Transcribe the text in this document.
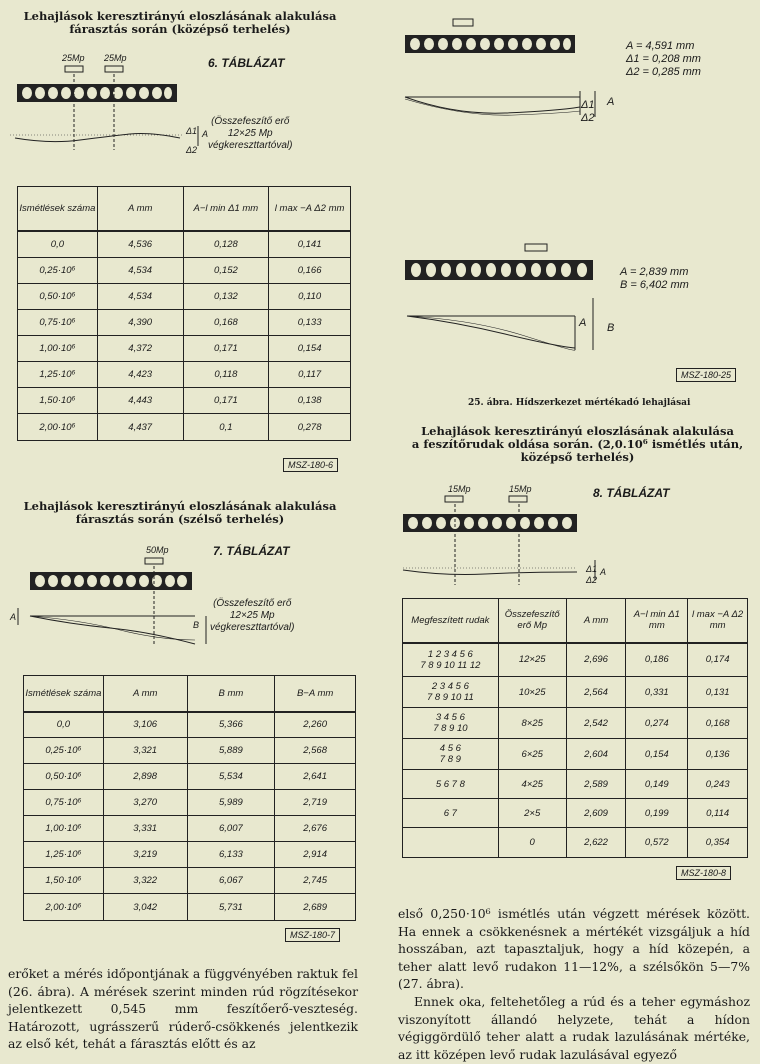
Lehajlások keresztirányú eloszlásának alakulása
fárasztás során (középső terhelés)
25Mp 25Mp	6. TÁBLÁZAT
A
Δ1
Δ2
(Összefeszítő erő
12×25 Mp
végkereszttartóval)
Ismétlések száma	A mm	A−l min Δ1 mm	l max −A Δ2 mm
0,0	4,536	0,128	0,141
0,25·10⁶	4,534	0,152	0,166
0,50·10⁶	4,534	0,132	0,110
0,75·10⁶	4,390	0,168	0,133
1,00·10⁶	4,372	0,171	0,154
1,25·10⁶	4,423	0,118	0,117
1,50·10⁶	4,443	0,171	0,138
2,00·10⁶	4,437	0,1	0,278
MSZ-180-6
Lehajlások keresztirányú eloszlásának alakulása
fárasztás során (szélső terhelés)
50Mp	7. TÁBLÁZAT
A
B
(Összefeszítő erő
12×25 Mp
végkereszttartóval)
Ismétlések száma	A mm	B mm	B−A mm
0,0	3,106	5,366	2,260
0,25·10⁶	3,321	5,889	2,568
0,50·10⁶	2,898	5,534	2,641
0,75·10⁶	3,270	5,989	2,719
1,00·10⁶	3,331	6,007	2,676
1,25·10⁶	3,219	6,133	2,914
1,50·10⁶	3,322	6,067	2,745
2,00·10⁶	3,042	5,731	2,689
MSZ-180-7
erőket a mérés időpontjának a függvényében raktuk fel (26. ábra). A mérések szerint minden rúd rögzítésekor jelentkezett 0,545 mm feszítőerő-veszteség. Határozott, ugrásszerű rúderő-csökkenés jelentkezik az első két, tehát a fárasztás előtt és az
A
Δ1
Δ2
A = 4,591 mm
Δ1 = 0,208 mm
Δ2 = 0,285 mm
A B
A = 2,839 mm
B = 6,402 mm
MSZ-180-25
25. ábra. Hídszerkezet mértékadó lehajlásai
Lehajlások keresztirányú eloszlásának alakulása
a feszítőrudak oldása során. (2,0.10⁶ ismétlés után,
középső terhelés)
15Mp	15Mp	8. TÁBLÁZAT
Δ1
Δ2
A
Megfeszített rudak	Összefeszítő erő Mp	A mm	A−l min Δ1 mm	l max −A Δ2 mm

1 2 3 4 5 6
7 8 9 10 11 12	12×25	2,696	0,186	0,174

2 3 4 5 6
7 8 9 10 11	10×25	2,564	0,331	0,131

3 4 5 6
7 8 9 10	8×25	2,542	0,274	0,168

4 5 6
7 8 9	6×25	2,604	0,154	0,136

5 6 7 8	4×25	2,589	0,149	0,243

6 7	2×5	2,609	0,199	0,114

	0	2,622	0,572	0,354
MSZ-180-8
első 0,250·10⁶ ismétlés után végzett mérések között. Ha ennek a csökkenésnek a mértékét vizsgáljuk a híd hosszában, azt tapasztaljuk, hogy a híd közepén, a teher alatt levő rudakon 11—12%, a szélsőkön 5—7% (27. ábra).
Ennek oka, feltehetőleg a rúd és a teher egymáshoz viszonyított állandó helyzete, tehát a hídon végiggördülő teher alatt a rudak lazulásának mértéke, az itt középen levő rudak lazulásával egyező
